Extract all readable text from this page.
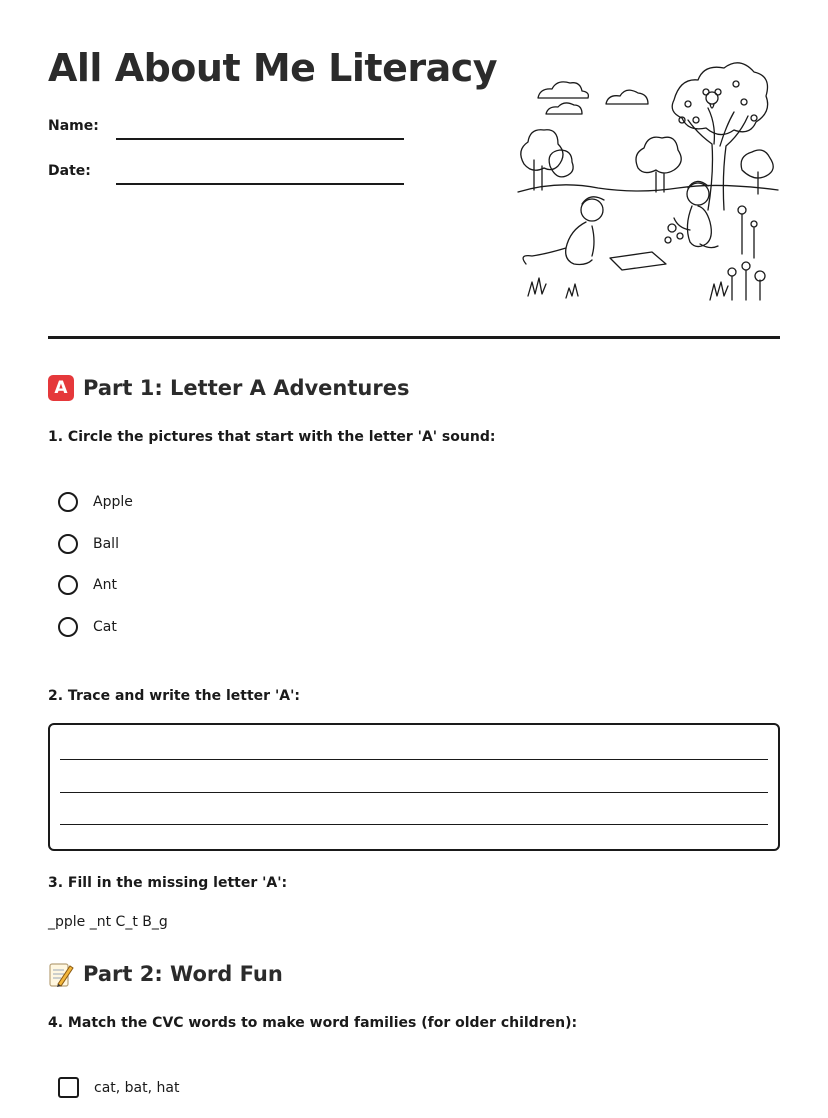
All About Me Literacy
Name:
Date:
A Part 1: Letter A Adventures

1. Circle the pictures that start with the letter 'A' sound:

Apple
Ball
Ant
Cat

2. Trace and write the letter 'A':

3. Fill in the missing letter 'A':

_pple _nt C_t B_g

Part 2: Word Fun

4. Match the CVC words to make word families (for older children):

cat, bat, hat
